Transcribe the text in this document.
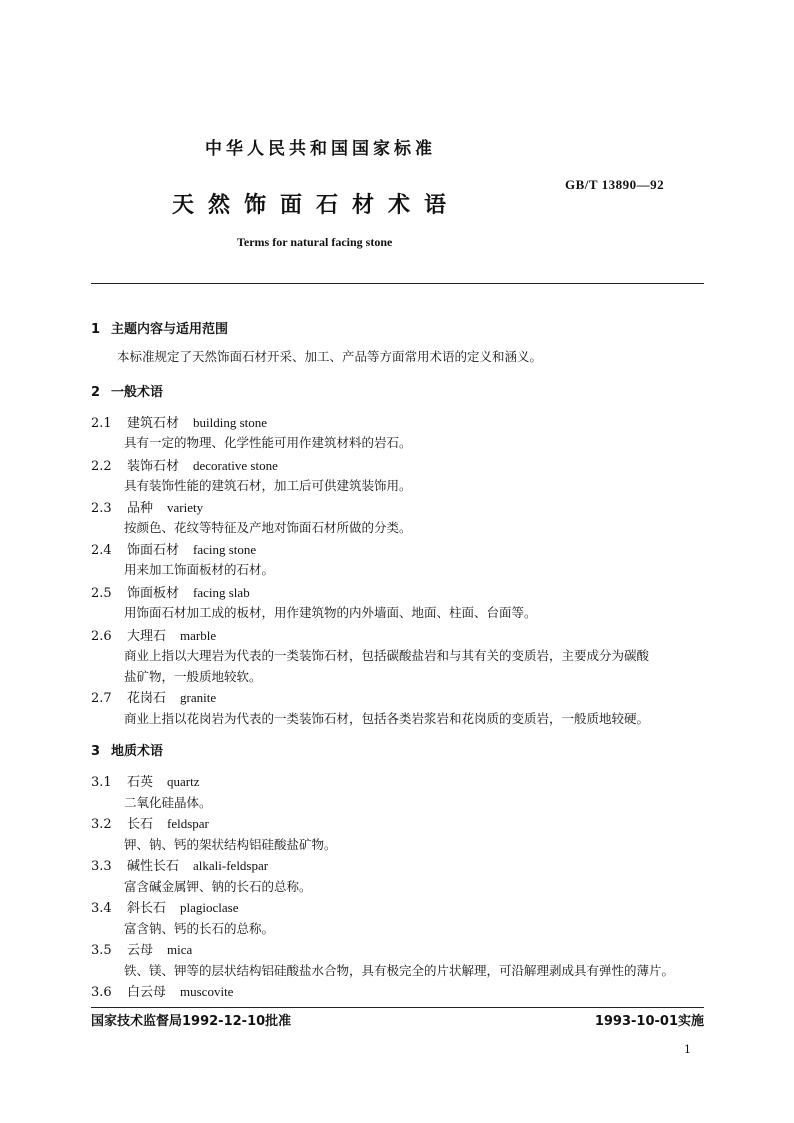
中华人民共和国国家标准
GB/T 13890—92
天然饰面石材术语
Terms for natural facing stone
1 主题内容与适用范围
本标准规定了天然饰面石材开采、加工、产品等方面常用术语的定义和涵义。
2 一般术语
2.1 建筑石材 building stone
具有一定的物理、化学性能可用作建筑材料的岩石。
2.2 装饰石材 decorative stone
具有装饰性能的建筑石材，加工后可供建筑装饰用。
2.3 品种 variety
按颜色、花纹等特征及产地对饰面石材所做的分类。
2.4 饰面石材 facing stone
用来加工饰面板材的石材。
2.5 饰面板材 facing slab
用饰面石材加工成的板材，用作建筑物的内外墙面、地面、柱面、台面等。
2.6 大理石 marble
商业上指以大理岩为代表的一类装饰石材，包括碳酸盐岩和与其有关的变质岩，主要成分为碳酸
盐矿物，一般质地较软。
2.7 花岗石 granite
商业上指以花岗岩为代表的一类装饰石材，包括各类岩浆岩和花岗质的变质岩，一般质地较硬。
3 地质术语
3.1 石英 quartz
二氧化硅晶体。
3.2 长石 feldspar
钾、钠、钙的架状结构铝硅酸盐矿物。
3.3 碱性长石 alkali-feldspar
富含碱金属钾、钠的长石的总称。
3.4 斜长石 plagioclase
富含钠、钙的长石的总称。
3.5 云母 mica
铁、镁、钾等的层状结构铝硅酸盐水合物，具有极完全的片状解理，可沿解理剥成具有弹性的薄片。
3.6 白云母 muscovite
国家技术监督局1992-12-10批准	1993-10-01实施
1
